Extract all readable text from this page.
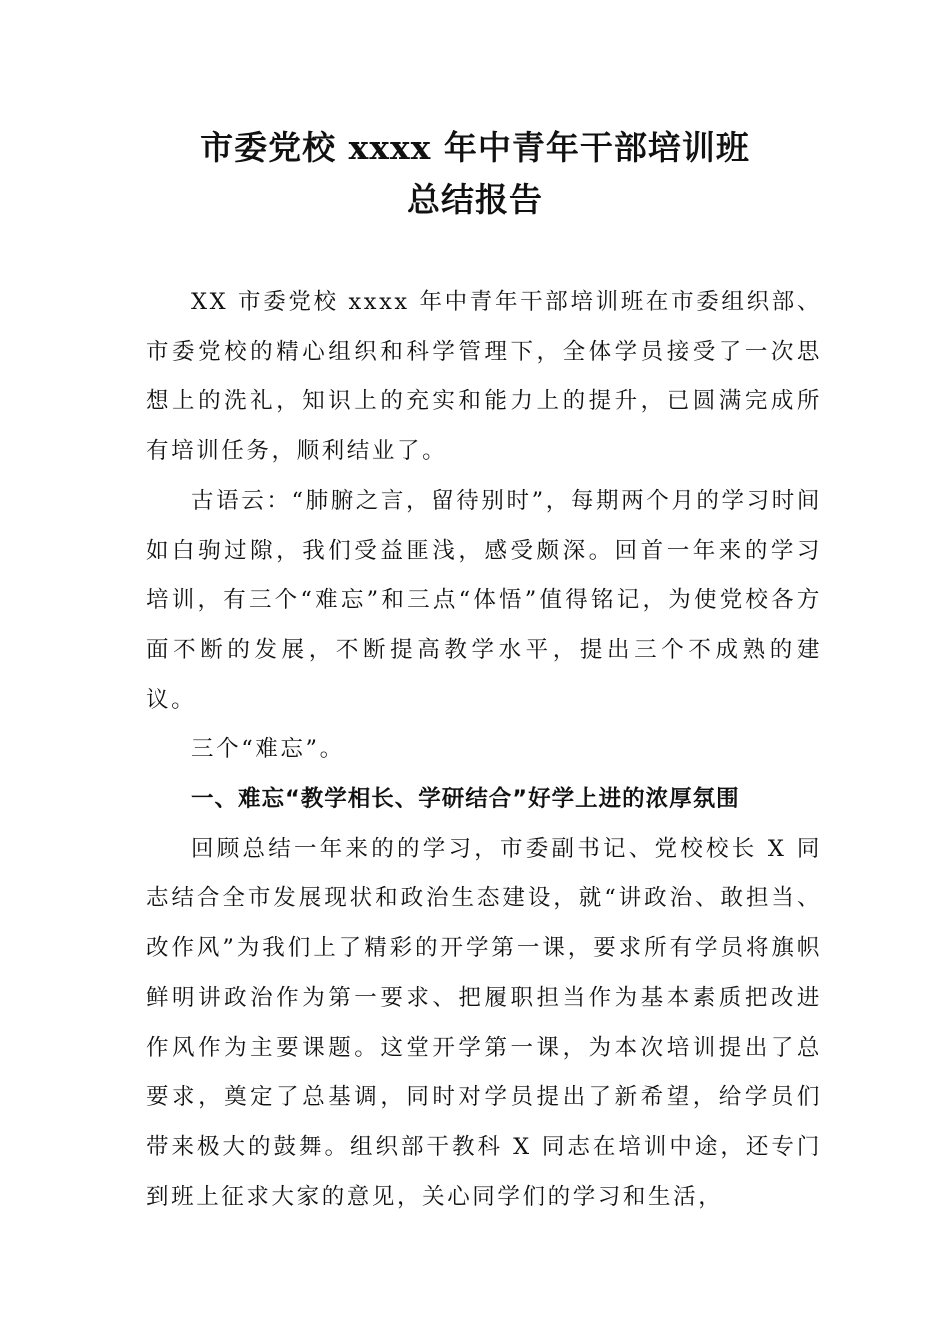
市委党校 xxxx 年中青年干部培训班
总结报告

XX 市委党校 xxxx 年中青年干部培训班在市委组织部、市委党校的精心组织和科学管理下，全体学员接受了一次思想上的洗礼，知识上的充实和能力上的提升，已圆满完成所有培训任务，顺利结业了。

古语云：“肺腑之言，留待别时”，每期两个月的学习时间如白驹过隙，我们受益匪浅，感受颇深。回首一年来的学习培训，有三个“难忘”和三点“体悟”值得铭记，为使党校各方面不断的发展，不断提高教学水平，提出三个不成熟的建议。

三个“难忘”。

一、难忘“教学相长、学研结合”好学上进的浓厚氛围

回顾总结一年来的的学习，市委副书记、党校校长 X 同志结合全市发展现状和政治生态建设，就“讲政治、敢担当、改作风”为我们上了精彩的开学第一课，要求所有学员将旗帜鲜明讲政治作为第一要求、把履职担当作为基本素质把改进作风作为主要课题。这堂开学第一课，为本次培训提出了总要求，奠定了总基调，同时对学员提出了新希望，给学员们带来极大的鼓舞。组织部干教科 X 同志在培训中途，还专门到班上征求大家的意见，关心同学们的学习和生活，
